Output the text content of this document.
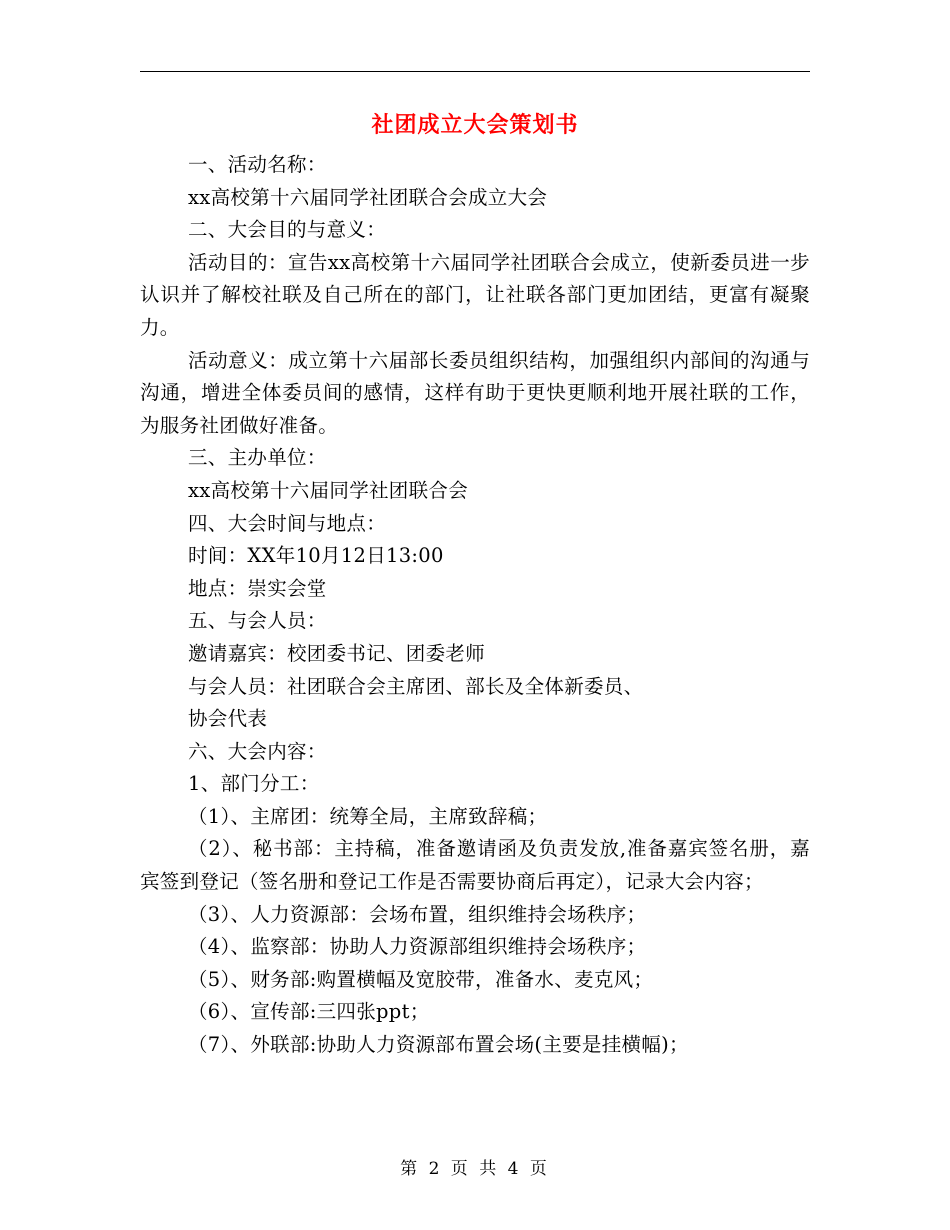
社团成立大会策划书

一、活动名称：

xx高校第十六届同学社团联合会成立大会

二、大会目的与意义：

活动目的：宣告xx高校第十六届同学社团联合会成立，使新委员进一步认识并了解校社联及自己所在的部门，让社联各部门更加团结，更富有凝聚力。

活动意义：成立第十六届部长委员组织结构，加强组织内部间的沟通与沟通，增进全体委员间的感情，这样有助于更快更顺利地开展社联的工作，为服务社团做好准备。

三、主办单位：

xx高校第十六届同学社团联合会

四、大会时间与地点：

时间：XX年10月12日13:00

地点：崇实会堂

五、与会人员：

邀请嘉宾：校团委书记、团委老师

与会人员：社团联合会主席团、部长及全体新委员、

协会代表

六、大会内容：

1、部门分工：

（1）、主席团：统筹全局，主席致辞稿；

（2）、秘书部：主持稿，准备邀请函及负责发放,准备嘉宾签名册，嘉宾签到登记（签名册和登记工作是否需要协商后再定），记录大会内容；

（3）、人力资源部：会场布置，组织维持会场秩序；

（4）、监察部：协助人力资源部组织维持会场秩序；

（5）、财务部:购置横幅及宽胶带，准备水、麦克风；

（6）、宣传部:三四张ppt；

（7）、外联部:协助人力资源部布置会场(主要是挂横幅)；

第 2 页 共 4 页
